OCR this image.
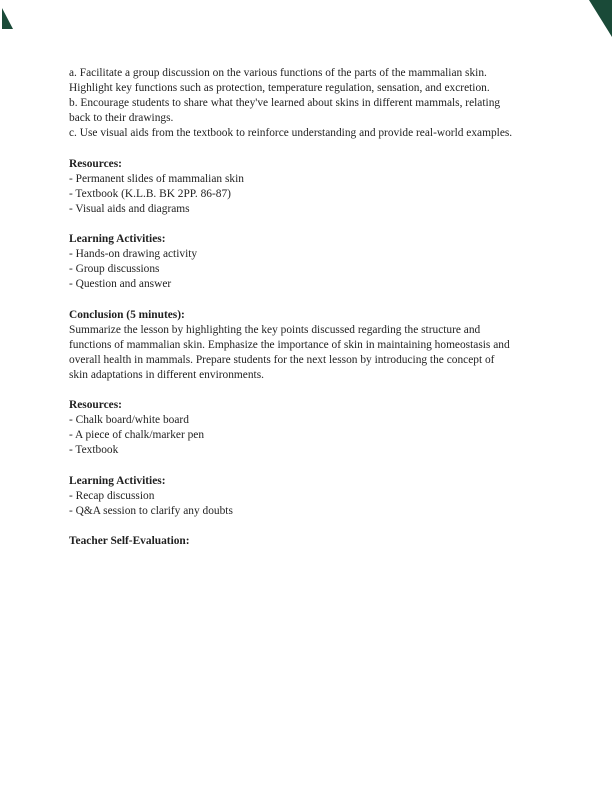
a. Facilitate a group discussion on the various functions of the parts of the mammalian skin.
Highlight key functions such as protection, temperature regulation, sensation, and excretion.
b. Encourage students to share what they've learned about skins in different mammals, relating
back to their drawings.
c. Use visual aids from the textbook to reinforce understanding and provide real-world examples.
Resources:
- Permanent slides of mammalian skin
- Textbook (K.L.B. BK 2PP. 86-87)
- Visual aids and diagrams
Learning Activities:
- Hands-on drawing activity
- Group discussions
- Question and answer
Conclusion (5 minutes):
Summarize the lesson by highlighting the key points discussed regarding the structure and
functions of mammalian skin. Emphasize the importance of skin in maintaining homeostasis and
overall health in mammals. Prepare students for the next lesson by introducing the concept of
skin adaptations in different environments.
Resources:
- Chalk board/white board
- A piece of chalk/marker pen
- Textbook
Learning Activities:
- Recap discussion
- Q&A session to clarify any doubts
Teacher Self-Evaluation:
